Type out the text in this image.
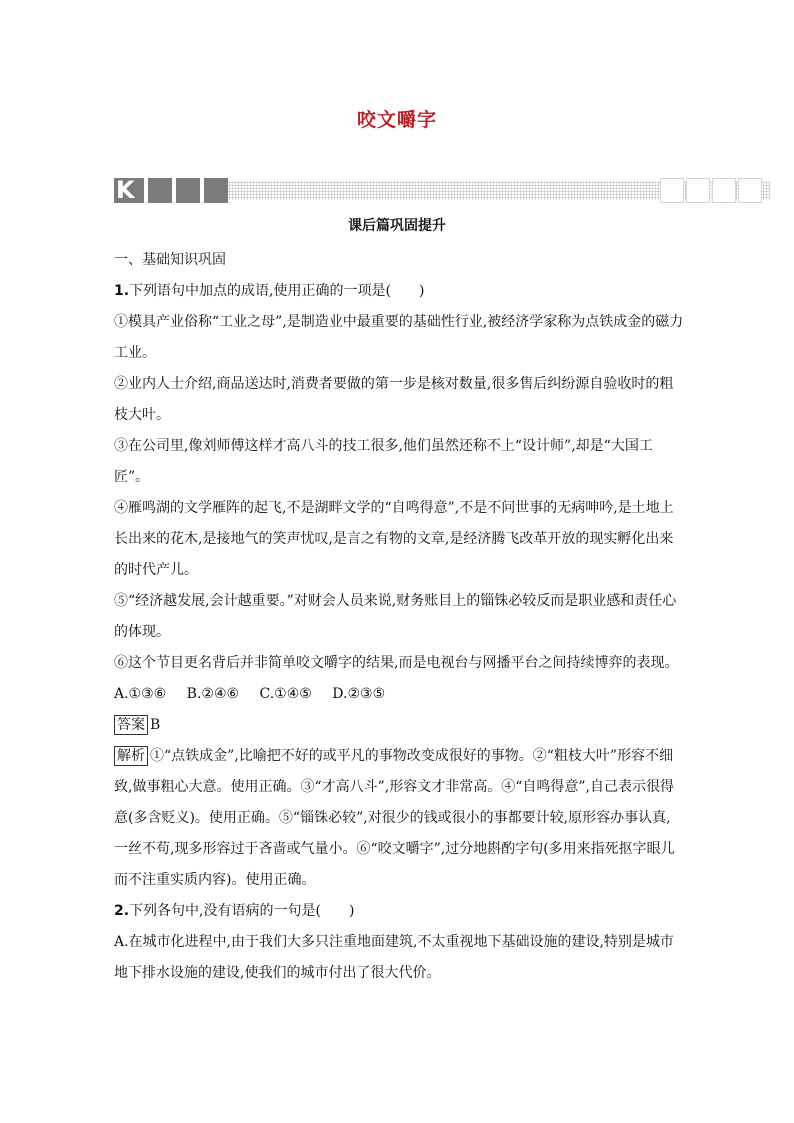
咬文嚼字
K
课后篇巩固提升

一、基础知识巩固

1.下列语句中加点的成语,使用正确的一项是(　　)

①模具产业俗称“工业之母”,是制造业中最重要的基础性行业,被经济学家称为点铁成金的磁力工业。

②业内人士介绍,商品送达时,消费者要做的第一步是核对数量,很多售后纠纷源自验收时的粗枝大叶。

③在公司里,像刘师傅这样才高八斗的技工很多,他们虽然还称不上“设计师”,却是“大国工匠”。

④雁鸣湖的文学雁阵的起飞,不是湖畔文学的“自鸣得意”,不是不问世事的无病呻吟,是土地上长出来的花木,是接地气的笑声忧叹,是言之有物的文章,是经济腾飞改革开放的现实孵化出来的时代产儿。

⑤“经济越发展,会计越重要。”对财会人员来说,财务账目上的锱铢必较反而是职业感和责任心的体现。

⑥这个节目更名背后并非简单咬文嚼字的结果,而是电视台与网播平台之间持续博弈的表现。

A.①③⑥ B.②④⑥ C.①④⑤ D.②③⑤

答案 B

解析 ①“点铁成金”,比喻把不好的或平凡的事物改变成很好的事物。②“粗枝大叶”形容不细致,做事粗心大意。使用正确。③“才高八斗”,形容文才非常高。④“自鸣得意”,自己表示很得意(多含贬义)。使用正确。⑤“锱铢必较”,对很少的钱或很小的事都要计较,原形容办事认真,一丝不苟,现多形容过于吝啬或气量小。⑥“咬文嚼字”,过分地斟酌字句(多用来指死抠字眼儿而不注重实质内容)。使用正确。

2.下列各句中,没有语病的一句是(　　)

A.在城市化进程中,由于我们大多只注重地面建筑,不太重视地下基础设施的建设,特别是城市地下排水设施的建设,使我们的城市付出了很大代价。
